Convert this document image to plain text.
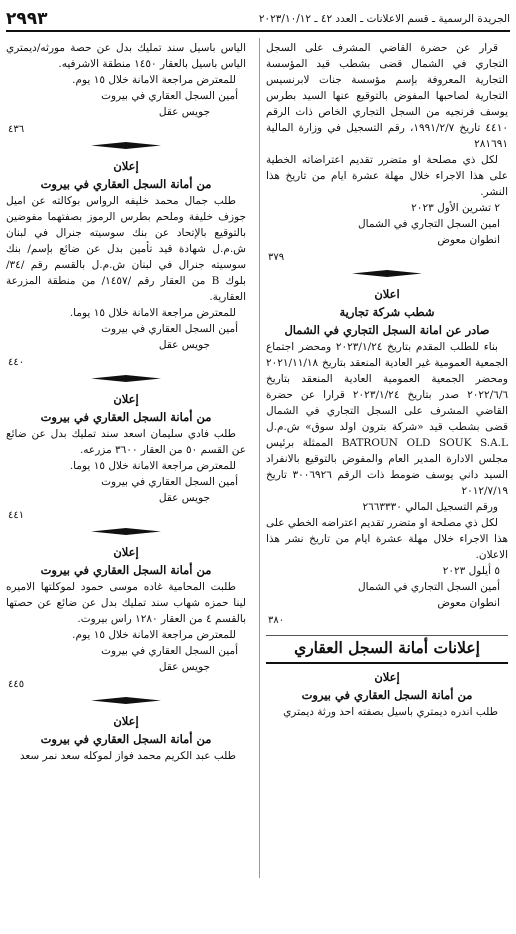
الجريدة الرسمية ـ قسم الاعلانات ـ العدد ٤٢ ـ ٢٠٢٣/١٠/١٢
٢٩٩٣

قرار عن حضرة القاضي المشرف على السجل التجاري في الشمال قضى بشطب قيد المؤسسة التجارية المعروفة بإسم مؤسسة جنات لابرنسيس التجارية لصاحبها المفوض بالتوقيع عنها السيد بطرس يوسف فرنجيه من السجل التجاري الخاص ذات الرقم ٤٤١٠ تاريخ ١٩٩١/٢/٧، رقم التسجيل في وزارة المالية ٢٨١٦٩١

لكل ذي مصلحة او متضرر تقديم اعتراضاته الخطية على هذا الاجراء خلال مهلة عشرة ايام من تاريخ هذا النشر.

٢ تشرين الأول ٢٠٢٣

امين السجل التجاري في الشمال

انطوان معوض

٣٧٩

اعلان

شطب شركة تجارية

صادر عن امانة السجل التجاري في الشمال

بناء للطلب المقدم بتاريخ ٢٠٢٣/١/٢٤ ومحضر اجتماع الجمعية العمومية غير العادية المنعقد بتاريخ ٢٠٢١/١١/١٨ ومحضر الجمعية العمومية العادية المنعقد بتاريخ ٢٠٢٢/٦/٦ صدر بتاريخ ٢٠٢٣/١/٢٤ قرارا عن حضرة القاضي المشرف على السجل التجاري في الشمال قضى بشطب قيد «شركة بترون اولد سوق» ش.م.ل BATROUN OLD SOUK S.A.L الممثلة برئيس مجلس الادارة المدير العام والمفوض بالتوقيع بالانفراد السيد داني يوسف ضومط ذات الرقم ٣٠٠٦٩٢٦ تاريخ ٢٠١٢/٧/١٩

ورقم التسجيل المالي ٢٦٦٣٣٣٠

لكل ذي مصلحة او متضرر تقديم اعتراضه الخطي على هذا الاجراء خلال مهلة عشرة ايام من تاريخ نشر هذا الاعلان.

٥ أيلول ٢٠٢٣

أمين السجل التجاري في الشمال

انطوان معوض

٣٨٠

إعلانات أمانة السجل العقاري

إعلان

من أمانة السجل العقاري في بيروت

طلب اندره ديمتري باسيل بصفته احد ورثة ديمتري

الياس باسيل سند تمليك بدل عن حصة مورثه/ديمتري الياس باسيل بالعقار ١٤٥٠ منطقة الاشرفيه.

للمعترض مراجعة الامانة خلال ١٥ يوم.

أمين السجل العقاري في بيروت

جويس عقل

٤٣٦

إعلان

من أمانة السجل العقاري في بيروت

طلب جمال محمد خليفه الرواس بوكالته عن اميل جوزف خليفة وملحم بطرس الرموز بصفتهما مفوضين بالتوقيع بالإتحاد عن بنك سوسيته جنرال في لبنان ش.م.ل شهادة قيد تأمين بدل عن ضائع بإسم/ بنك سوسيته جنرال في لبنان ش.م.ل بالقسم رقم /٣٤/ بلوك B من العقار رقم /١٤٥٧/ من منطقة المزرعة العقارية.

للمعترض مراجعة الامانة خلال ١٥ يوما.

أمين السجل العقاري في بيروت

جويس عقل

٤٤٠

إعلان

من أمانة السجل العقاري في بيروت

طلب فادي سليمان اسعد سند تمليك بدل عن ضائع عن القسم ٥٠ من العقار ٣٦٠٠ مزرعه.

للمعترض مراجعة الامانة خلال ١٥ يوما.

أمين السجل العقاري في بيروت

جويس عقل

٤٤١

إعلان

من أمانة السجل العقاري في بيروت

طلبت المحامية غاده موسى حمود لموكلتها الاميره لينا حمزه شهاب سند تمليك بدل عن ضائع عن حصتها بالقسم ٤ من العقار ١٢٨٠ راس بيروت.

للمعترض مراجعة الامانة خلال ١٥ يوم.

أمين السجل العقاري في بيروت

جويس عقل

٤٤٥

إعلان

من أمانة السجل العقاري في بيروت

طلب عبد الكريم محمد فواز لموكله سعد نمر سعد
